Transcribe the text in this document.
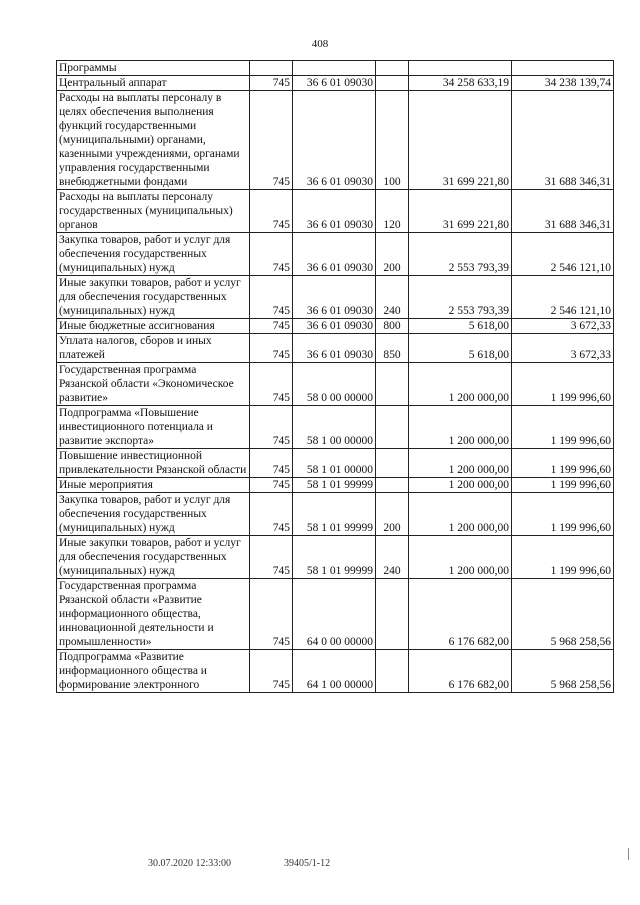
408
Программы					
Центральный аппарат	745	36 6 01 09030		34 258 633,19	34 238 139,74
Расходы на выплаты персоналу в целях обеспечения выполнения функций государственными (муниципальными) органами, казенными учреждениями, органами управления государственными внебюджетными фондами	745	36 6 01 09030	100	31 699 221,80	31 688 346,31
Расходы на выплаты персоналу государственных (муниципальных) органов	745	36 6 01 09030	120	31 699 221,80	31 688 346,31
Закупка товаров, работ и услуг для обеспечения государственных (муниципальных) нужд	745	36 6 01 09030	200	2 553 793,39	2 546 121,10
Иные закупки товаров, работ и услуг для обеспечения государственных (муниципальных) нужд	745	36 6 01 09030	240	2 553 793,39	2 546 121,10
Иные бюджетные ассигнования	745	36 6 01 09030	800	5 618,00	3 672,33
Уплата налогов, сборов и иных платежей	745	36 6 01 09030	850	5 618,00	3 672,33
Государственная программа Рязанской области «Экономическое развитие»	745	58 0 00 00000		1 200 000,00	1 199 996,60
Подпрограмма «Повышение инвестиционного потенциала и развитие экспорта»	745	58 1 00 00000		1 200 000,00	1 199 996,60
Повышение инвестиционной привлекательности Рязанской области	745	58 1 01 00000		1 200 000,00	1 199 996,60
Иные мероприятия	745	58 1 01 99999		1 200 000,00	1 199 996,60
Закупка товаров, работ и услуг для обеспечения государственных (муниципальных) нужд	745	58 1 01 99999	200	1 200 000,00	1 199 996,60
Иные закупки товаров, работ и услуг для обеспечения государственных (муниципальных) нужд	745	58 1 01 99999	240	1 200 000,00	1 199 996,60
Государственная программа Рязанской области «Развитие информационного общества, инновационной деятельности и промышленности»	745	64 0 00 00000		6 176 682,00	5 968 258,56
Подпрограмма «Развитие информационного общества и формирование электронного	745	64 1 00 00000		6 176 682,00	5 968 258,56
30.07.2020 12:33:00	39405/1-12
